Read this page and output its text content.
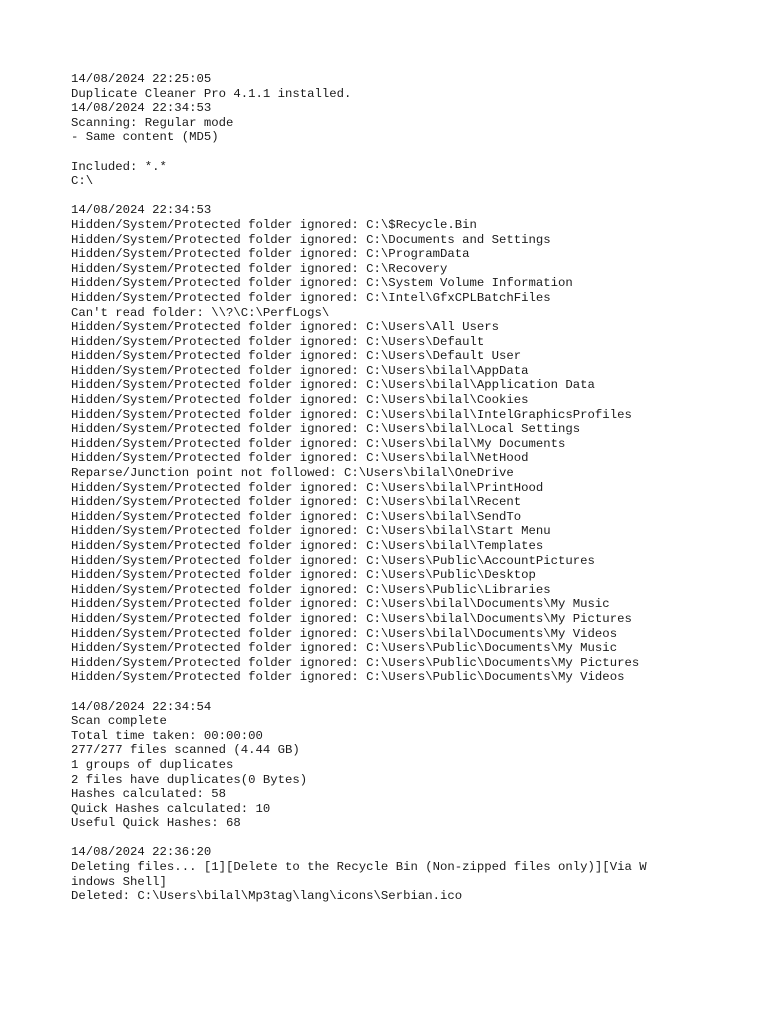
14/08/2024 22:25:05
Duplicate Cleaner Pro 4.1.1 installed.
14/08/2024 22:34:53
Scanning: Regular mode
- Same content (MD5)
Included: *.*
C:\
14/08/2024 22:34:53
Hidden/System/Protected folder ignored: C:\$Recycle.Bin
Hidden/System/Protected folder ignored: C:\Documents and Settings
Hidden/System/Protected folder ignored: C:\ProgramData
Hidden/System/Protected folder ignored: C:\Recovery
Hidden/System/Protected folder ignored: C:\System Volume Information
Hidden/System/Protected folder ignored: C:\Intel\GfxCPLBatchFiles
Can't read folder: \\?\C:\PerfLogs\
Hidden/System/Protected folder ignored: C:\Users\All Users
Hidden/System/Protected folder ignored: C:\Users\Default
Hidden/System/Protected folder ignored: C:\Users\Default User
Hidden/System/Protected folder ignored: C:\Users\bilal\AppData
Hidden/System/Protected folder ignored: C:\Users\bilal\Application Data
Hidden/System/Protected folder ignored: C:\Users\bilal\Cookies
Hidden/System/Protected folder ignored: C:\Users\bilal\IntelGraphicsProfiles
Hidden/System/Protected folder ignored: C:\Users\bilal\Local Settings
Hidden/System/Protected folder ignored: C:\Users\bilal\My Documents
Hidden/System/Protected folder ignored: C:\Users\bilal\NetHood
Reparse/Junction point not followed: C:\Users\bilal\OneDrive
Hidden/System/Protected folder ignored: C:\Users\bilal\PrintHood
Hidden/System/Protected folder ignored: C:\Users\bilal\Recent
Hidden/System/Protected folder ignored: C:\Users\bilal\SendTo
Hidden/System/Protected folder ignored: C:\Users\bilal\Start Menu
Hidden/System/Protected folder ignored: C:\Users\bilal\Templates
Hidden/System/Protected folder ignored: C:\Users\Public\AccountPictures
Hidden/System/Protected folder ignored: C:\Users\Public\Desktop
Hidden/System/Protected folder ignored: C:\Users\Public\Libraries
Hidden/System/Protected folder ignored: C:\Users\bilal\Documents\My Music
Hidden/System/Protected folder ignored: C:\Users\bilal\Documents\My Pictures
Hidden/System/Protected folder ignored: C:\Users\bilal\Documents\My Videos
Hidden/System/Protected folder ignored: C:\Users\Public\Documents\My Music
Hidden/System/Protected folder ignored: C:\Users\Public\Documents\My Pictures
Hidden/System/Protected folder ignored: C:\Users\Public\Documents\My Videos
14/08/2024 22:34:54
Scan complete
Total time taken: 00:00:00
277/277 files scanned (4.44 GB)
1 groups of duplicates
2 files have duplicates(0 Bytes)
Hashes calculated: 58
Quick Hashes calculated: 10
Useful Quick Hashes: 68
14/08/2024 22:36:20
Deleting files... [1][Delete to the Recycle Bin (Non-zipped files only)][Via Windows Shell]
Deleted: C:\Users\bilal\Mp3tag\lang\icons\Serbian.ico
